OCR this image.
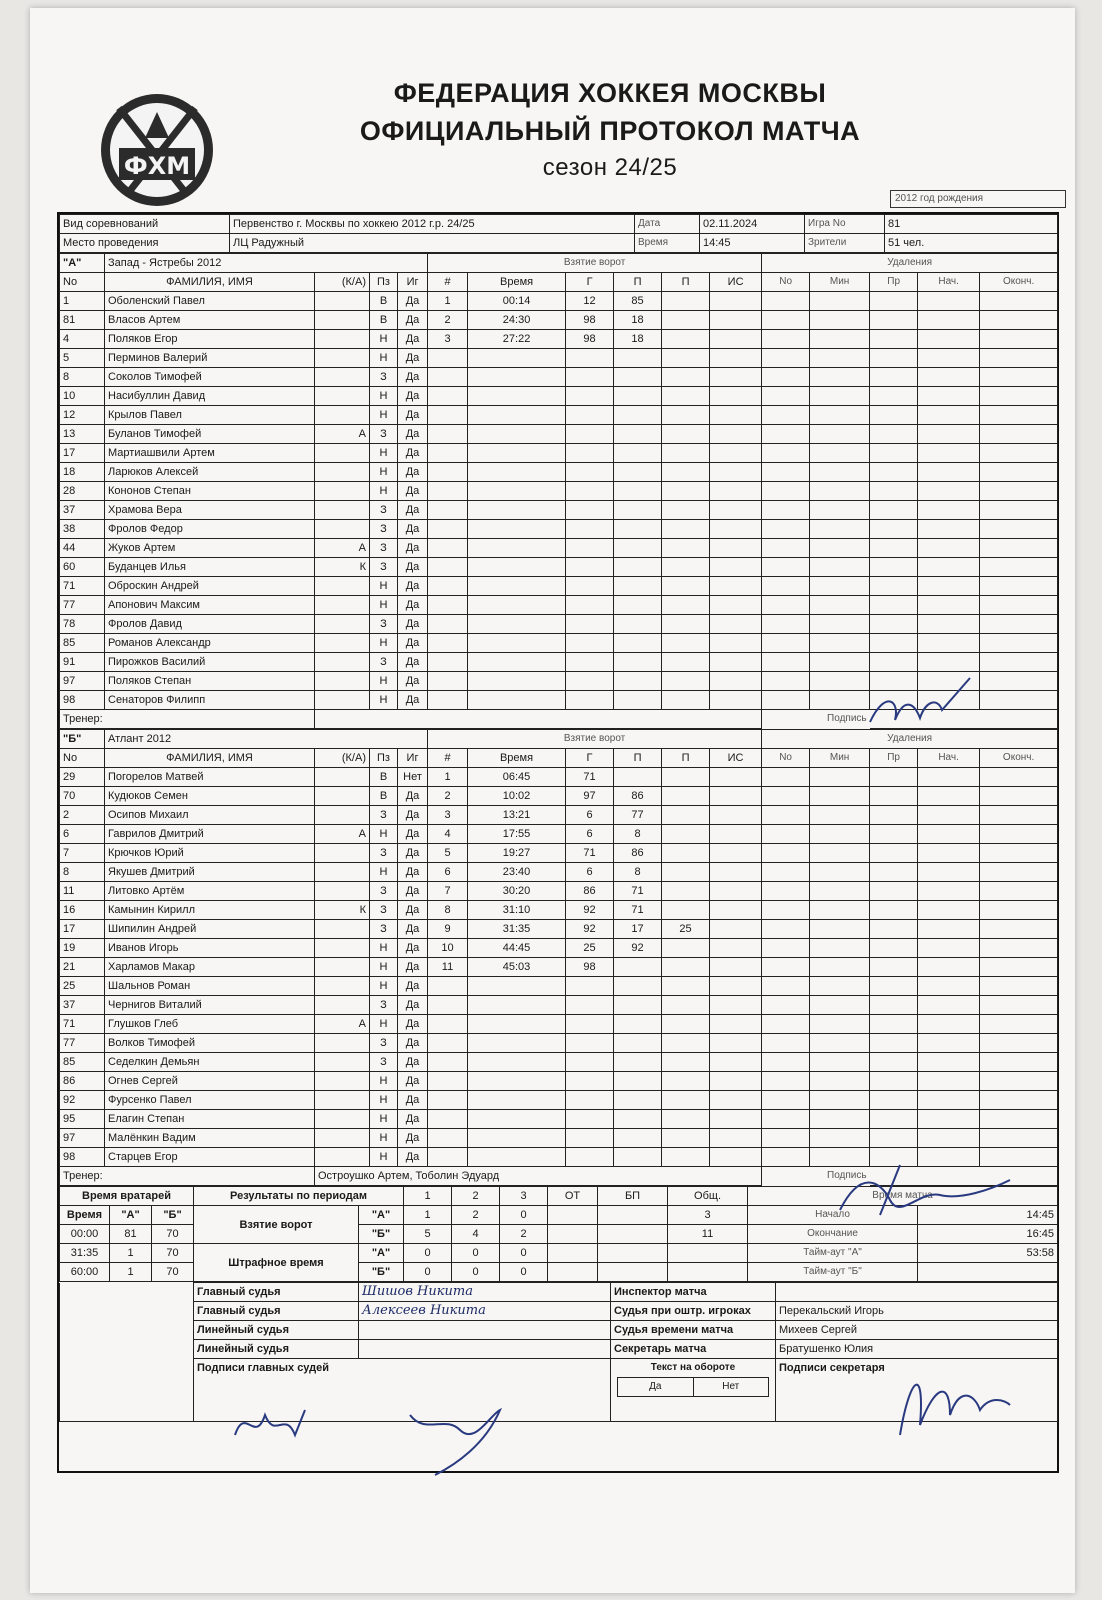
ФХМ
ФЕДЕРАЦИЯ ХОККЕЯ МОСКВЫ
ОФИЦИАЛЬНЫЙ ПРОТОКОЛ МАТЧА
сезон 24/25
2012 год рождения
Вид соревнований	Первенство г. Москвы по хоккею 2012 г.р. 24/25	Дата	02.11.2024	Игра No	81
Место проведения	ЛЦ Радужный	Время	14:45	Зрители	51 чел.
"А"	Запад - Ястребы 2012				Взятие ворот						Удаления				
No	ФАМИЛИЯ, ИМЯ	(К/А)	Пз	Иг	#	Время	Г	П	П	ИС	No	Мин	Пр	Нач.	Оконч.
1	Оболенский Павел		В	Да	1	00:14	12	85							
81	Власов Артем		В	Да	2	24:30	98	18							
4	Поляков Егор		Н	Да	3	27:22	98	18							
5	Перминов Валерий		Н	Да											
8	Соколов Тимофей		З	Да											
10	Насибуллин Давид		Н	Да											
12	Крылов Павел		Н	Да											
13	Буланов Тимофей	А	З	Да											
17	Мартиашвили Артем		Н	Да											
18	Ларюков Алексей		Н	Да											
28	Кононов Степан		Н	Да											
37	Храмова Вера		З	Да											
38	Фролов Федор		З	Да											
44	Жуков Артем	А	З	Да											
60	Буданцев Илья	К	З	Да											
71	Оброскин Андрей		Н	Да											
77	Апонович Максим		Н	Да											
78	Фролов Давид		З	Да											
85	Романов Александр		Н	Да											
91	Пирожков Василий		З	Да											
97	Поляков Степан		Н	Да											
98	Сенаторов Филипп		Н	Да											
Тренер:											Подпись				
"Б"	Атлант 2012				Взятие ворот						Удаления				
No	ФАМИЛИЯ, ИМЯ	(К/А)	Пз	Иг	#	Время	Г	П	П	ИС	No	Мин	Пр	Нач.	Оконч.
29	Погорелов Матвей		В	Нет	1	06:45	71								
70	Кудюков Семен		В	Да	2	10:02	97	86							
2	Осипов Михаил		З	Да	3	13:21	6	77							
6	Гаврилов Дмитрий	А	Н	Да	4	17:55	6	8							
7	Крючков Юрий		З	Да	5	19:27	71	86							
8	Якушев Дмитрий		Н	Да	6	23:40	6	8							
11	Литовко Артём		З	Да	7	30:20	86	71							
16	Камынин Кирилл	К	З	Да	8	31:10	92	71							
17	Шипилин Андрей		З	Да	9	31:35	92	17	25						
19	Иванов Игорь		Н	Да	10	44:45	25	92							
21	Харламов Макар		Н	Да	11	45:03	98								
25	Шальнов Роман		Н	Да											
37	Чернигов Виталий		З	Да											
71	Глушков Глеб	А	Н	Да											
77	Волков Тимофей		З	Да											
85	Седелкин Демьян		З	Да											
86	Огнев Сергей		Н	Да											
92	Фурсенко Павел		Н	Да											
95	Елагин Степан		Н	Да											
97	Малёнкин Вадим		Н	Да											
98	Старцев Егор		Н	Да											
Тренер:		Остроушко Артем, Тоболин Эдуард									Подпись				
Время вратарей			Результаты по периодам		1	2	3	ОТ	БП	Общ.	Время матча	
Время	"А"	"Б"	Взятие ворот	"А"	1	2	0			3	Начало	14:45
00:00	81	70		"Б"	5	4	2			11	Окончание	16:45
31:35	1	70	Штрафное время	"А"	0	0	0				Тайм-аут "А"	53:58
60:00	1	70		"Б"	0	0	0				Тайм-аут "Б"	
	Главный судья	Шишов Никита	Инспектор матча	
	Главный судья	Алексеев Никита	Судья при оштр. игроках	Перекальский Игорь
	Линейный судья		Судья времени матча	Михеев Сергей
	Линейный судья		Секретарь матча	Братушенко Юлия
	Подписи главных судей		Текст на обороте
Да Нет	Подписи секретаря
